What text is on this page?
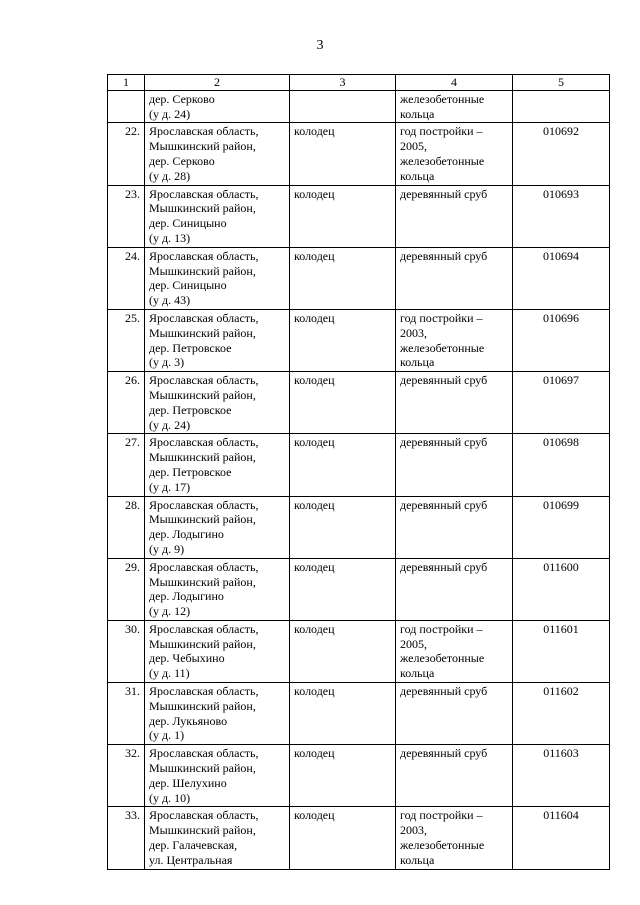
3
1	2	3	4	5

	дер. Серково
(у д. 24)		железобетонные
кольца	

22.	Ярославская область,
Мышкинский район,
дер. Серково
(у д. 28)	колодец	год постройки –
2005,
железобетонные
кольца	010692
23.	Ярославская область,
Мышкинский район,
дер. Синицыно
(у д. 13)	колодец	деревянный сруб	010693
24.	Ярославская область,
Мышкинский район,
дер. Синицыно
(у д. 43)	колодец	деревянный сруб	010694
25.	Ярославская область,
Мышкинский район,
дер. Петровское
(у д. 3)	колодец	год постройки –
2003,
железобетонные
кольца	010696
26.	Ярославская область,
Мышкинский район,
дер. Петровское
(у д. 24)	колодец	деревянный сруб	010697
27.	Ярославская область,
Мышкинский район,
дер. Петровское
(у д. 17)	колодец	деревянный сруб	010698
28.	Ярославская область,
Мышкинский район,
дер. Лодыгино
(у д. 9)	колодец	деревянный сруб	010699
29.	Ярославская область,
Мышкинский район,
дер. Лодыгино
(у д. 12)	колодец	деревянный сруб	011600
30.	Ярославская область,
Мышкинский район,
дер. Чебыхино
(у д. 11)	колодец	год постройки –
2005,
железобетонные
кольца	011601
31.	Ярославская область,
Мышкинский район,
дер. Лукьяново
(у д. 1)	колодец	деревянный сруб	011602
32.	Ярославская область,
Мышкинский район,
дер. Шелухино
(у д. 10)	колодец	деревянный сруб	011603
33.	Ярославская область,
Мышкинский район,
дер. Галачевская,
ул. Центральная	колодец	год постройки –
2003,
железобетонные
кольца	011604
